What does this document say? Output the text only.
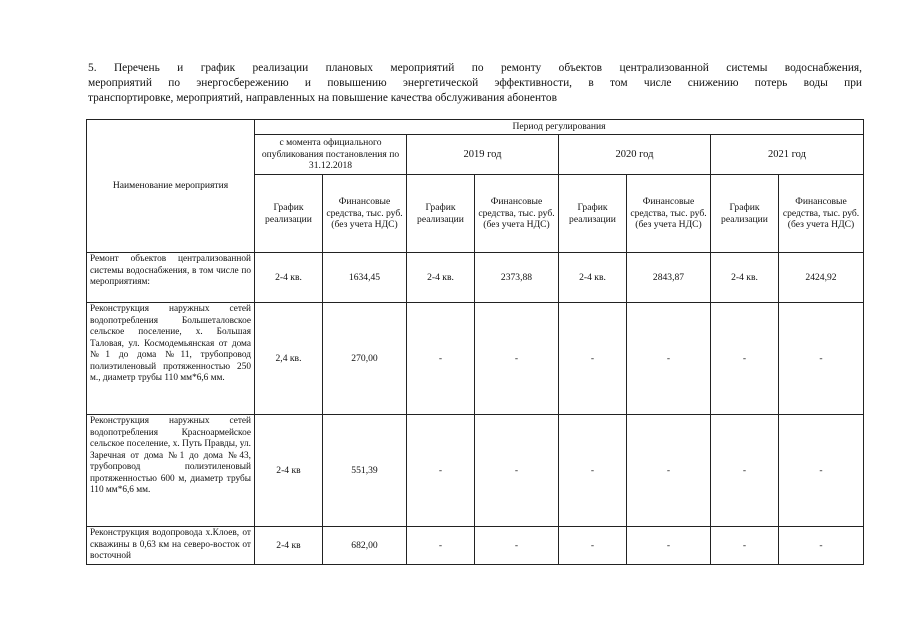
5. Перечень и график реализации плановых мероприятий по ремонту объектов централизованной системы водоснабжения,
мероприятий по энергосбережению и повышению энергетической эффективности, в том числе снижению потерь воды при
транспортировке, мероприятий, направленных на повышение качества обслуживания абонентов
Наименование мероприятия	Период регулирования							
	с момента официального опубликования постановления по 31.12.2018		2019 год		2020 год		2021 год	
	График реализации	Финансовые средства, тыс. руб. (без учета НДС)	График реализации	Финансовые средства, тыс. руб. (без учета НДС)	График реализации	Финансовые средства, тыс. руб. (без учета НДС)	График реализации	Финансовые средства, тыс. руб. (без учета НДС)
Ремонт объектов централизованной системы водоснабжения, в том числе по мероприятиям:	2-4 кв.	1634,45	2-4 кв.	2373,88	2-4 кв.	2843,87	2-4 кв.	2424,92
Реконструкция наружных сетей водопотребления Большеталовское сельское поселение, х. Большая Таловая, ул. Космодемьянская от дома №1 до дома №11, трубопровод полиэтиленовый протяженностью 250 м., диаметр трубы 110 мм*6,6 мм.	2,4 кв.	270,00	-	-	-	-	-	-
Реконструкция наружных сетей водопотребления Красноармейское сельское поселение, х. Путь Правды, ул. Заречная от дома №1 до дома №43, трубопровод полиэтиленовый протяженностью 600 м, диаметр трубы 110 мм*6,6 мм.	2-4 кв	551,39	-	-	-	-	-	-
Реконструкция водопровода х.Клоев, от скважины в 0,63 км на северо-восток от восточной	2-4 кв	682,00	-	-	-	-	-	-
